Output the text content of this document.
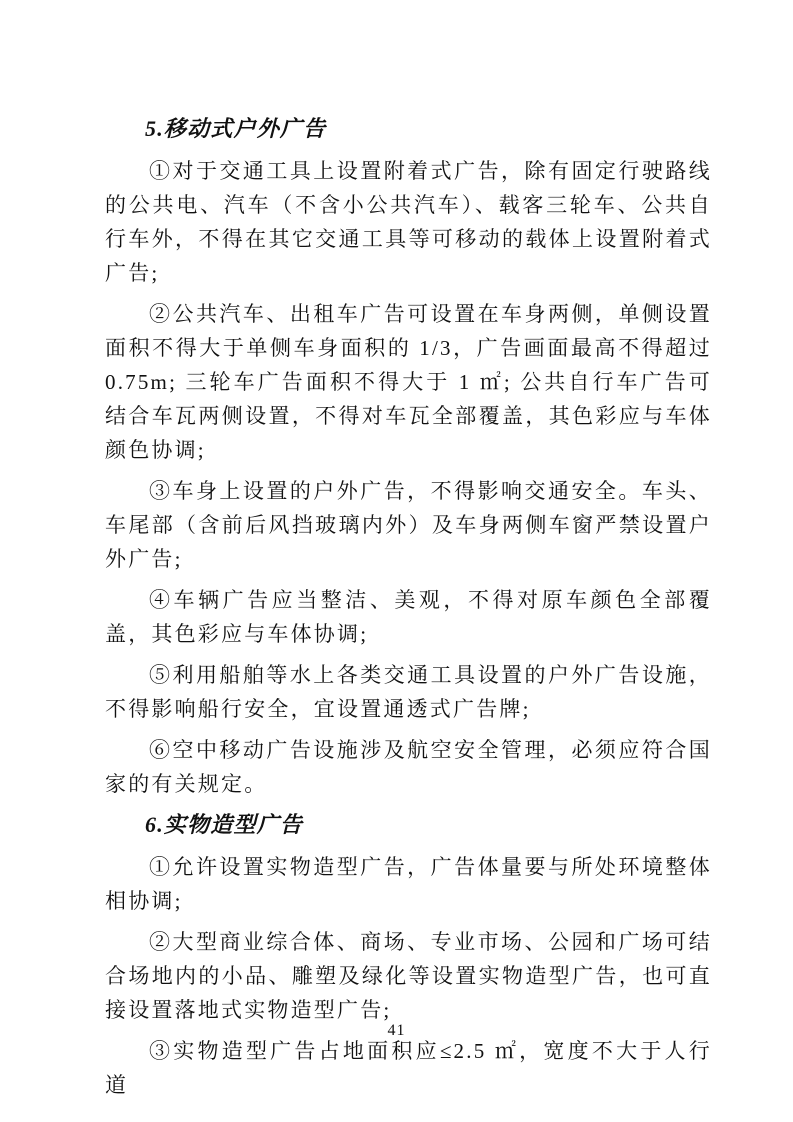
5.移动式户外广告

①对于交通工具上设置附着式广告，除有固定行驶路线的公共电、汽车（不含小公共汽车）、载客三轮车、公共自行车外，不得在其它交通工具等可移动的载体上设置附着式广告;

②公共汽车、出租车广告可设置在车身两侧，单侧设置面积不得大于单侧车身面积的 1/3，广告画面最高不得超过 0.75m; 三轮车广告面积不得大于 1 ㎡; 公共自行车广告可结合车瓦两侧设置，不得对车瓦全部覆盖，其色彩应与车体颜色协调;

③车身上设置的户外广告，不得影响交通安全。车头、车尾部（含前后风挡玻璃内外）及车身两侧车窗严禁设置户外广告;

④车辆广告应当整洁、美观，不得对原车颜色全部覆盖，其色彩应与车体协调;

⑤利用船舶等水上各类交通工具设置的户外广告设施，不得影响船行安全，宜设置通透式广告牌;

⑥空中移动广告设施涉及航空安全管理，必须应符合国家的有关规定。

6.实物造型广告

①允许设置实物造型广告，广告体量要与所处环境整体相协调;

②大型商业综合体、商场、专业市场、公园和广场可结合场地内的小品、雕塑及绿化等设置实物造型广告，也可直接设置落地式实物造型广告;

③实物造型广告占地面积应≤2.5 ㎡，宽度不大于人行道

41
